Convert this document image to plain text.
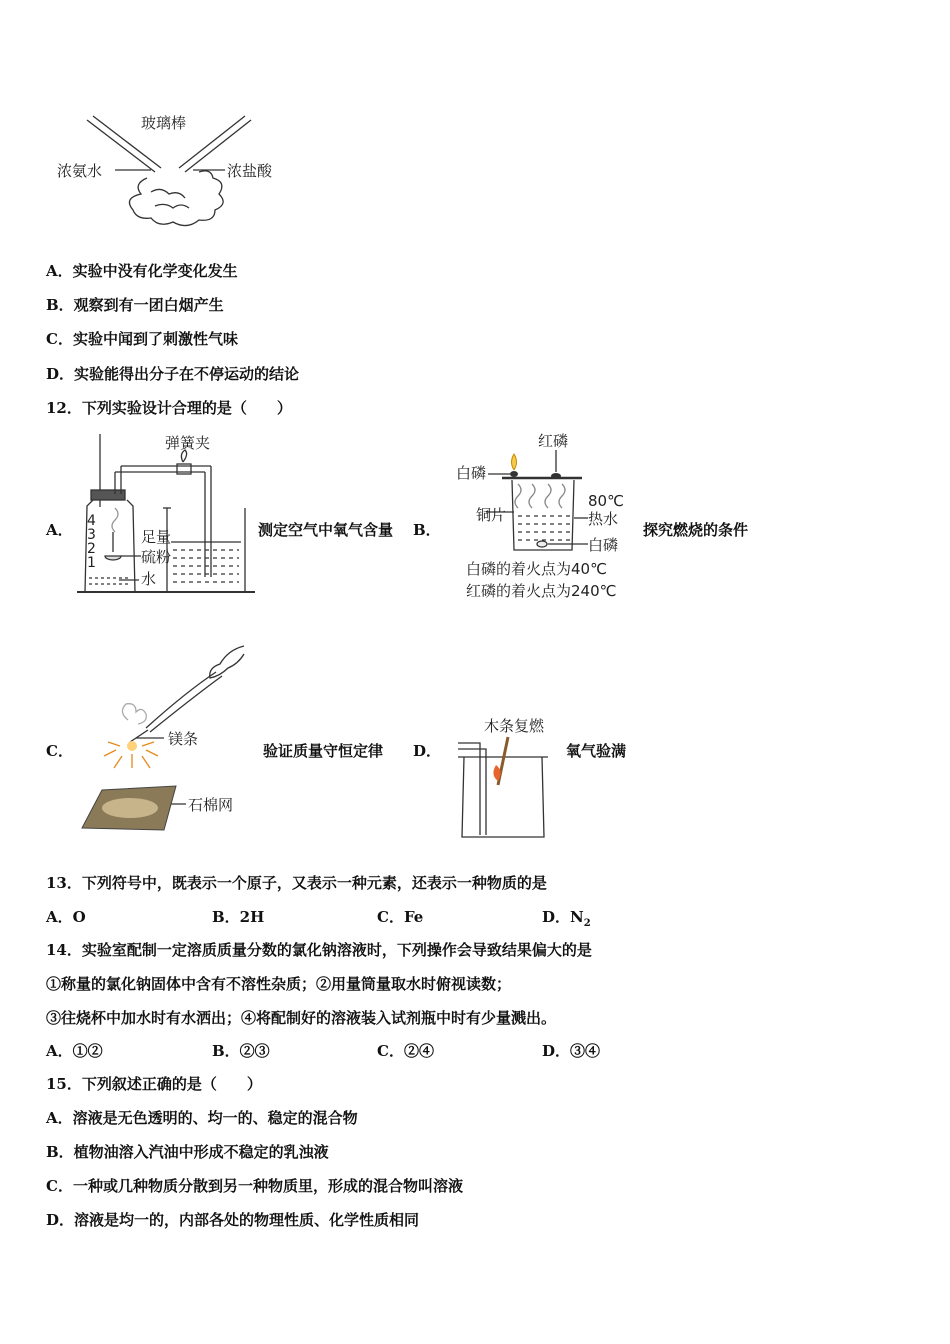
玻璃棒
浓氨水	浓盐酸
A．实验中没有化学变化发生
B．观察到有一团白烟产生
C．实验中闻到了刺激性气味
D．实验能得出分子在不停运动的结论
12．下列实验设计合理的是（　　）
A． 4
3
2
1
弹簧夹
足量
硫粉
水
测定空气中氧气含量 B．
红磷
白磷
铜片
80℃
热水
白磷
白磷的着火点为40℃
红磷的着火点为240℃
探究燃烧的条件
C．
镁条
石棉网
验证质量守恒定律 D．
木条复燃
氧气验满
13．下列符号中，既表示一个原子，又表示一种元素，还表示一种物质的是
A．O	B．2H	C．Fe	D．$N_2$
14．实验室配制一定溶质质量分数的氯化钠溶液时，下列操作会导致结果偏大的是
①称量的氯化钠固体中含有不溶性杂质；②用量筒量取水时俯视读数；
③往烧杯中加水时有水洒出；④将配制好的溶液装入试剂瓶中时有少量溅出。
A．①②	B．②③	C．②④	D．③④
15．下列叙述正确的是（　　）
A．溶液是无色透明的、均一的、稳定的混合物
B．植物油溶入汽油中形成不稳定的乳浊液
C．一种或几种物质分散到另一种物质里，形成的混合物叫溶液
D．溶液是均一的，内部各处的物理性质、化学性质相同
